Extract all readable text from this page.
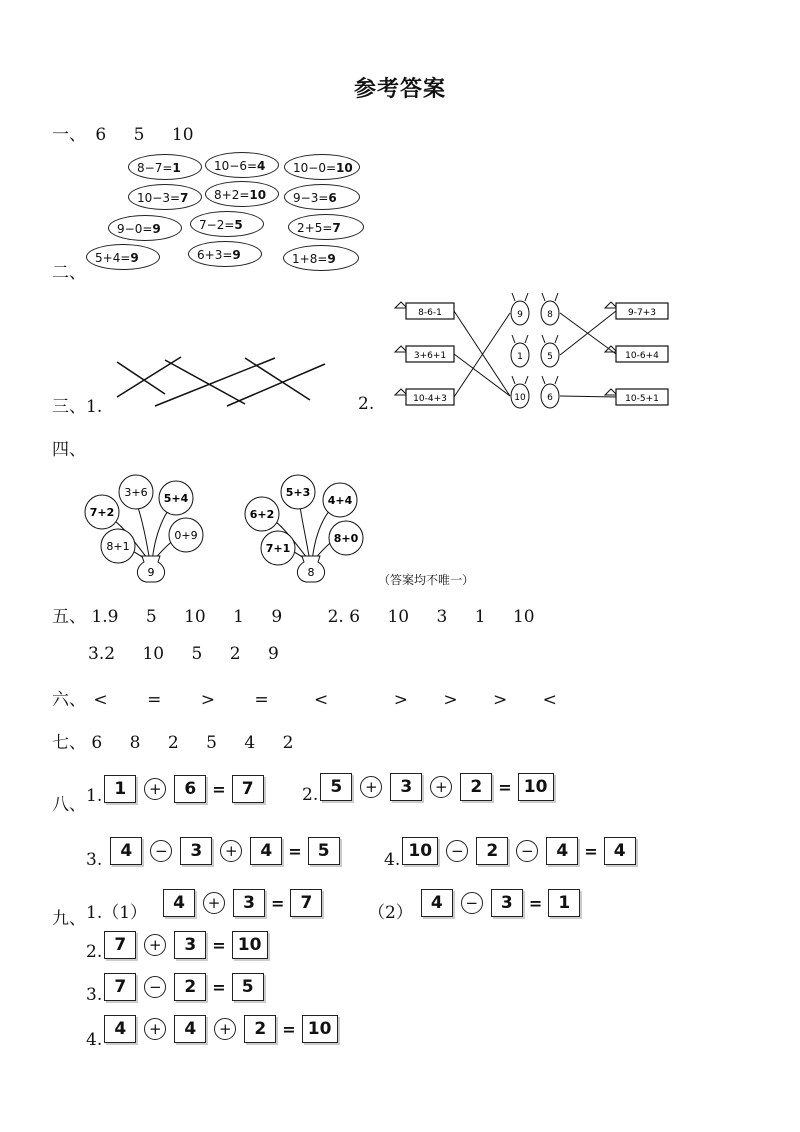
参考答案
一、 6 5 10
二、
8−7=1	10−6=4	10−0=10
10−3=7	8+2=10	9−3=6
9−0=9	7−2=5	2+5=7
5+4=9	6+3=9	1+8=9
三、1.	2.
8-6-1
3+6+1
10-4+3
9
1
10
8
5
6
9-7+3
10-6+4
10-5+1
四、
3+6 5+4
7+2
0+9
8+1
9
5+3
4+4
6+2
8+0
7+1
8
（答案均不唯一）
五、 1.9 5 10 1 9	2. 6 10 3 1 10
3.2 10 5 2 9
六、 < = > =	<	> > > <
七、 6 8 2 5 4 2
八、 1. 1	+	6	= 7	2. 5	+	3	+	2	= 10
3.	4	−	3	+	4	= 5	4. 10	−	2	−	4	= 4
九、 1.（1）	4	+	3	= 7	（2）	4	−	3	= 1
2. 7	+	3	= 10
3. 7	−	2	= 5
4.
4	+	4	+	2	= 10
